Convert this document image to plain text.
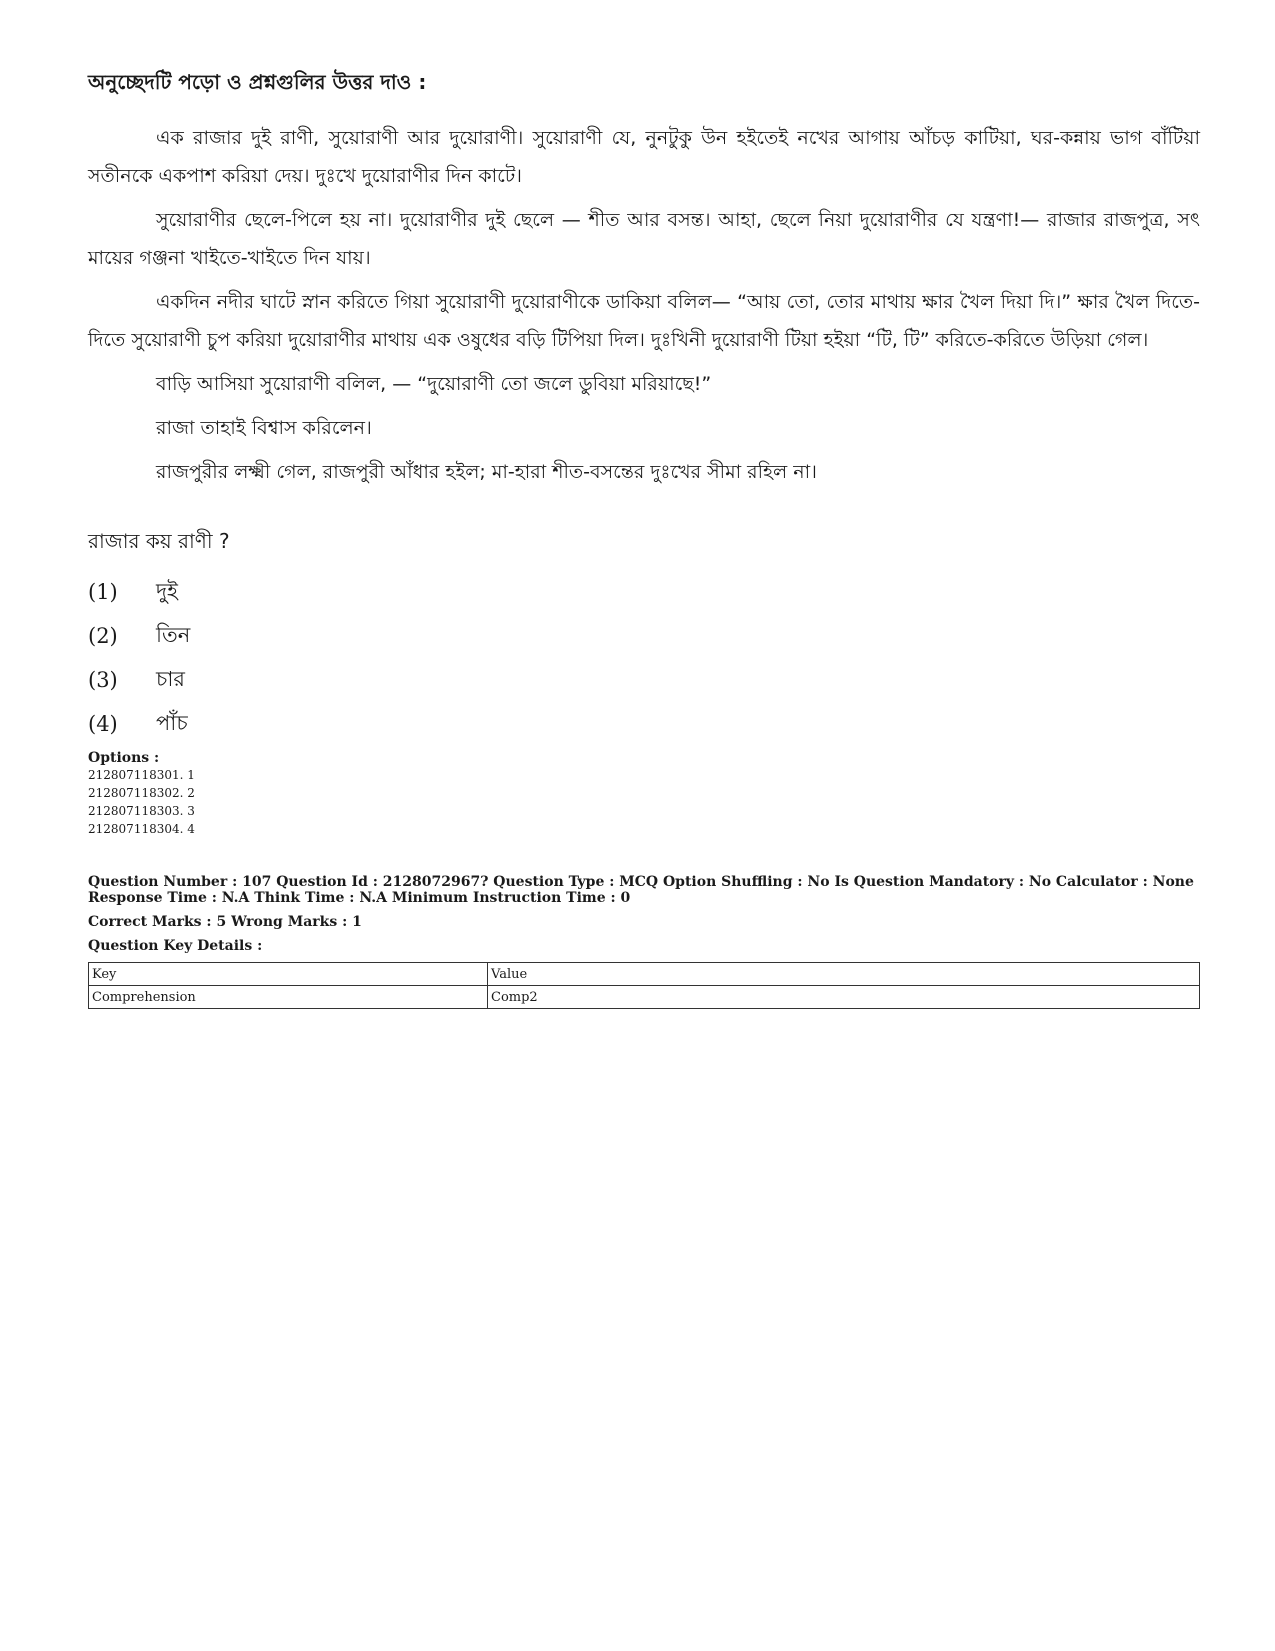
অনুচ্ছেদটি পড়ো ও প্রশ্নগুলির উত্তর দাও :

এক রাজার দুই রাণী, সুয়োরাণী আর দুয়োরাণী। সুয়োরাণী যে, নুনটুকু উন হইতেই নখের আগায় আঁচড় কাটিয়া, ঘর-কন্নায় ভাগ বাঁটিয়া সতীনকে একপাশ করিয়া দেয়। দুঃখে দুয়োরাণীর দিন কাটে।

সুয়োরাণীর ছেলে-পিলে হয় না। দুয়োরাণীর দুই ছেলে — শীত আর বসন্ত। আহা, ছেলে নিয়া দুয়োরাণীর যে যন্ত্রণা!— রাজার রাজপুত্র, সৎ মায়ের গঞ্জনা খাইতে-খাইতে দিন যায়।

একদিন নদীর ঘাটে স্নান করিতে গিয়া সুয়োরাণী দুয়োরাণীকে ডাকিয়া বলিল— “আয় তো, তোর মাথায় ক্ষার খৈল দিয়া দি।” ক্ষার খৈল দিতে-দিতে সুয়োরাণী চুপ করিয়া দুয়োরাণীর মাথায় এক ওষুধের বড়ি টিপিয়া দিল। দুঃখিনী দুয়োরাণী টিয়া হইয়া “টি, টি” করিতে-করিতে উড়িয়া গেল।

বাড়ি আসিয়া সুয়োরাণী বলিল, — “দুয়োরাণী তো জলে ডুবিয়া মরিয়াছে!”

রাজা তাহাই বিশ্বাস করিলেন।

রাজপুরীর লক্ষ্মী গেল, রাজপুরী আঁধার হইল; মা-হারা শীত-বসন্তের দুঃখের সীমা রহিল না।

রাজার কয় রাণী ?
(1)	দুই
(2)	তিন
(3)	চার
(4)	পাঁচ
Options :
212807118301. 1
212807118302. 2
212807118303. 3
212807118304. 4
Question Number : 107 Question Id : 2128072967? Question Type : MCQ Option Shuffling : No Is Question Mandatory : No Calculator : None
Response Time : N.A Think Time : N.A Minimum Instruction Time : 0
Correct Marks : 5 Wrong Marks : 1
Question Key Details :
Key	Value
Comprehension	Comp2
